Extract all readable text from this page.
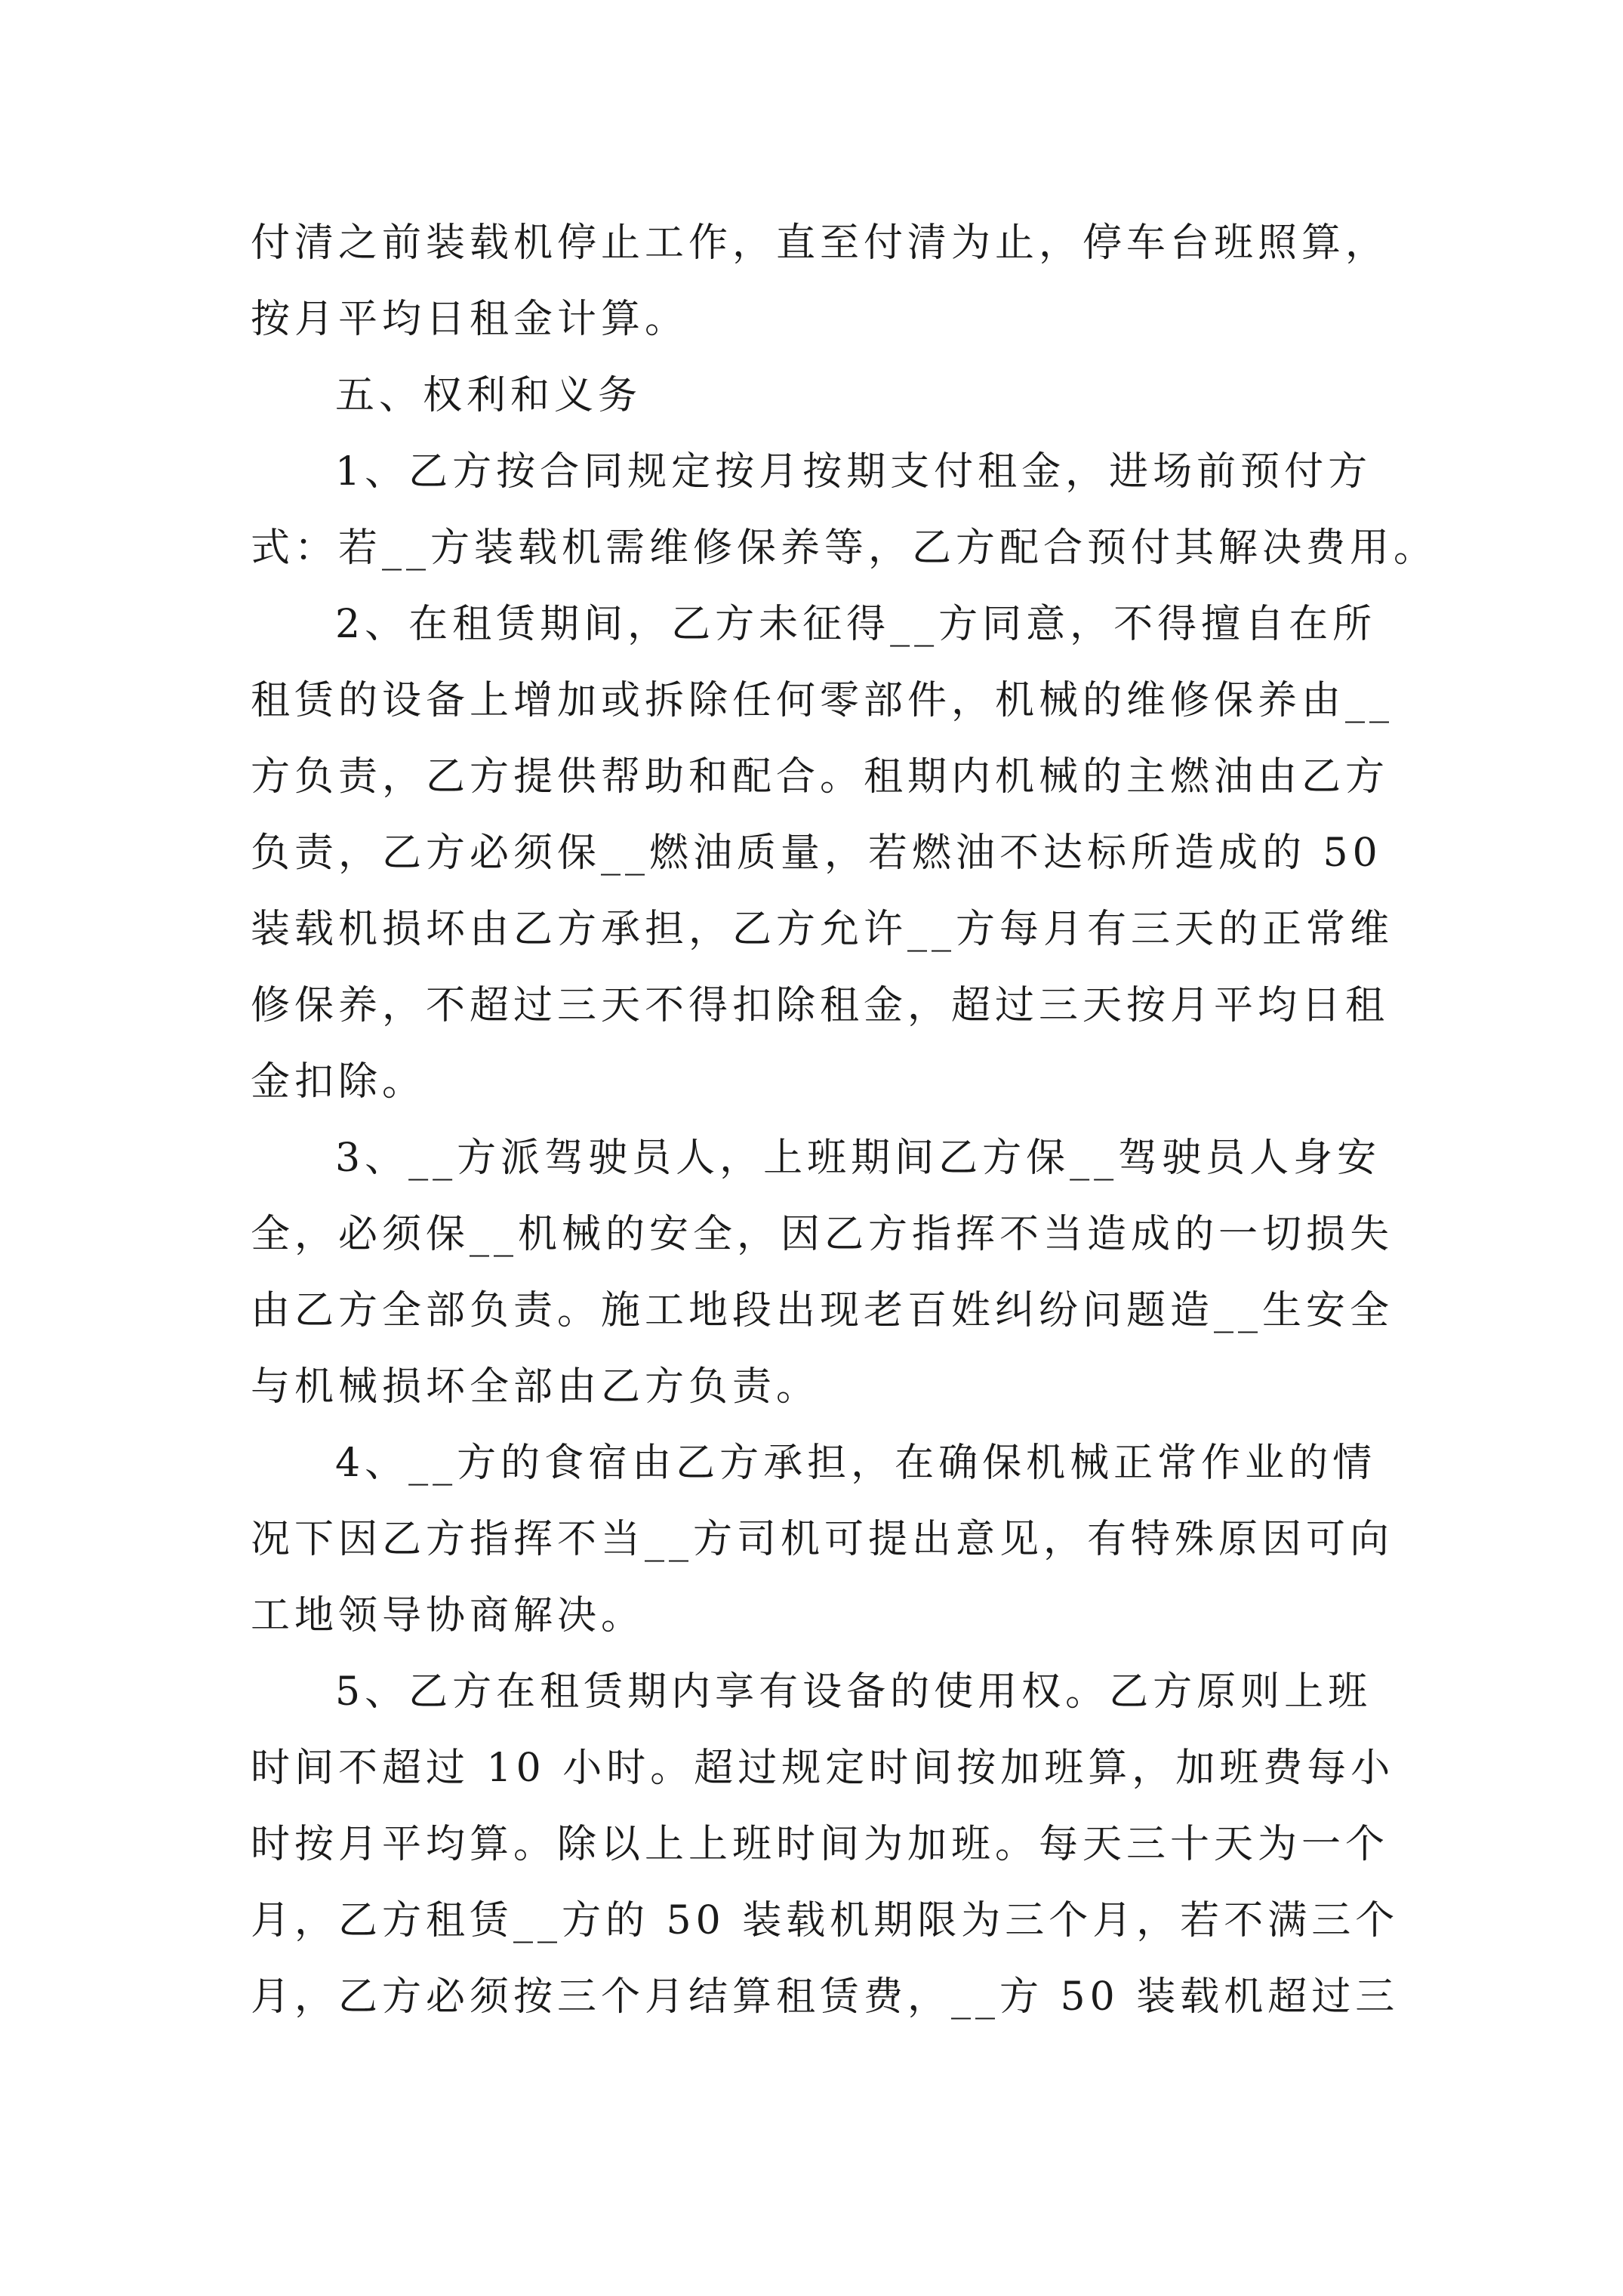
付清之前装载机停止工作，直至付清为止，停车台班照算，
按月平均日租金计算。
五、权利和义务
1、乙方按合同规定按月按期支付租金，进场前预付方
式：若__方装载机需维修保养等，乙方配合预付其解决费用。
2、在租赁期间，乙方未征得__方同意，不得擅自在所
租赁的设备上增加或拆除任何零部件，机械的维修保养由__
方负责，乙方提供帮助和配合。租期内机械的主燃油由乙方
负责，乙方必须保__燃油质量，若燃油不达标所造成的 50
装载机损坏由乙方承担，乙方允许__方每月有三天的正常维
修保养，不超过三天不得扣除租金，超过三天按月平均日租
金扣除。
3、__方派驾驶员人，上班期间乙方保__驾驶员人身安
全，必须保__机械的安全，因乙方指挥不当造成的一切损失
由乙方全部负责。施工地段出现老百姓纠纷问题造__生安全
与机械损坏全部由乙方负责。
4、__方的食宿由乙方承担，在确保机械正常作业的情
况下因乙方指挥不当__方司机可提出意见，有特殊原因可向
工地领导协商解决。
5、乙方在租赁期内享有设备的使用权。乙方原则上班
时间不超过 10 小时。超过规定时间按加班算，加班费每小
时按月平均算。除以上上班时间为加班。每天三十天为一个
月，乙方租赁__方的 50 装载机期限为三个月，若不满三个
月，乙方必须按三个月结算租赁费，__方 50 装载机超过三
